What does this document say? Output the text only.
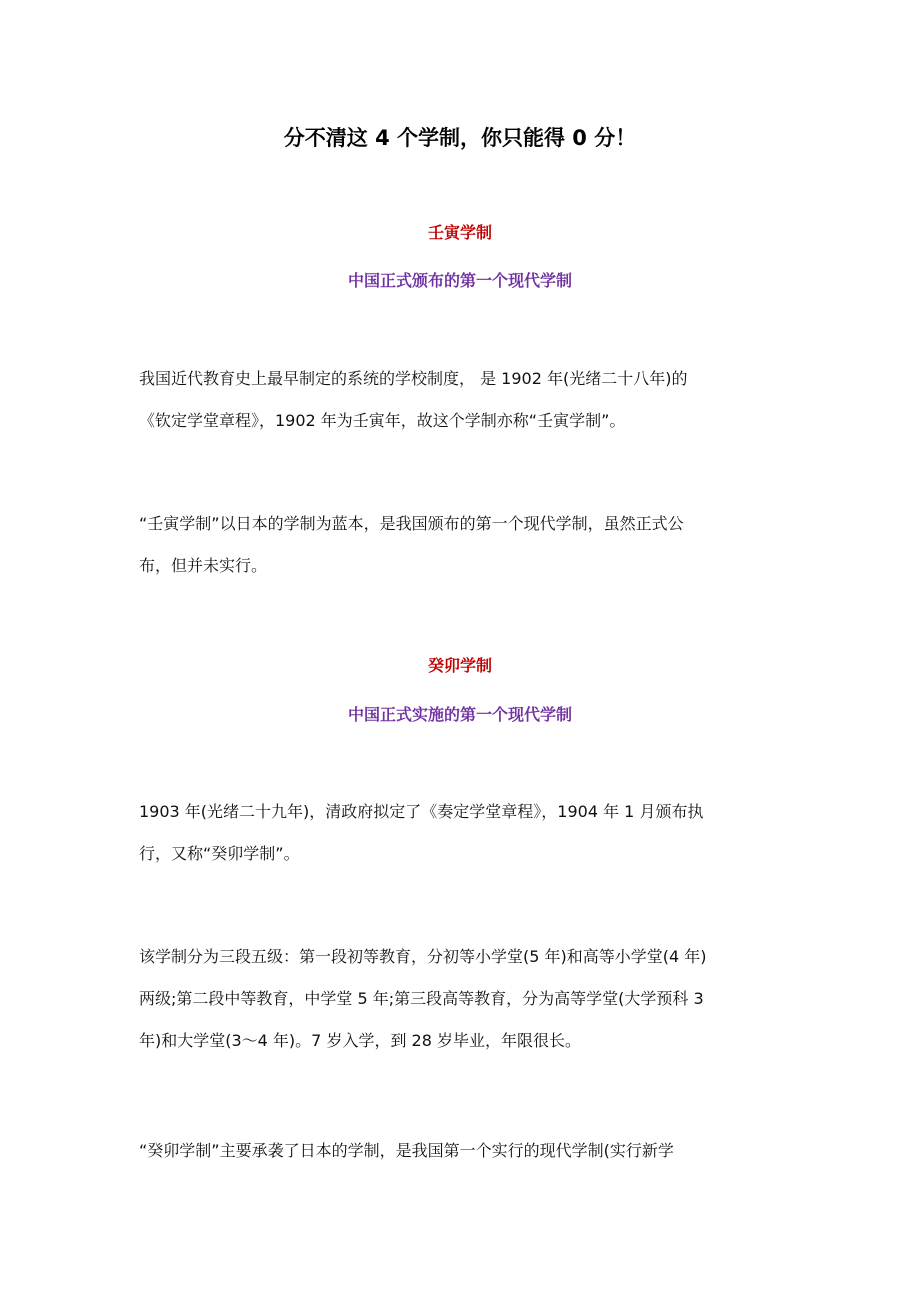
分不清这 4 个学制，你只能得 0 分！
壬寅学制
中国正式颁布的第一个现代学制

我国近代教育史上最早制定的系统的学校制度， 是 1902 年(光绪二十八年)的
《钦定学堂章程》，1902 年为壬寅年，故这个学制亦称“壬寅学制”。

“壬寅学制”以日本的学制为蓝本，是我国颁布的第一个现代学制，虽然正式公
布，但并未实行。

癸卯学制
中国正式实施的第一个现代学制

1903 年(光绪二十九年)，清政府拟定了《奏定学堂章程》，1904 年 1 月颁布执
行，又称“癸卯学制”。

该学制分为三段五级：第一段初等教育，分初等小学堂(5 年)和高等小学堂(4 年)
两级;第二段中等教育，中学堂 5 年;第三段高等教育，分为高等学堂(大学预科 3
年)和大学堂(3～4 年)。7 岁入学，到 28 岁毕业，年限很长。

“癸卯学制”主要承袭了日本的学制，是我国第一个实行的现代学制(实行新学
